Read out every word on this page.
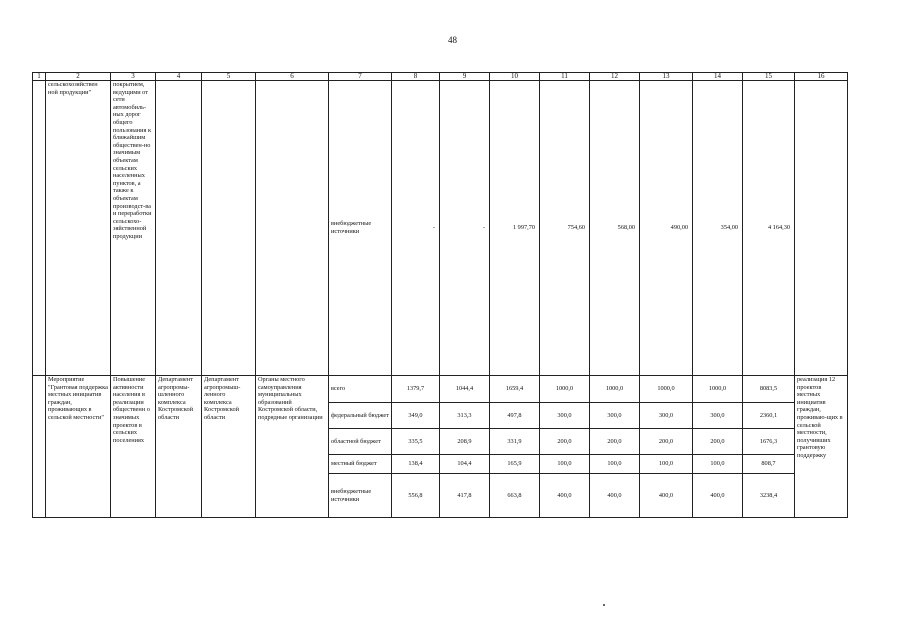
48
1	2	3	4	5	6	7	8	9	10	11	12	13	14	15	16
	сельскохозяйствен ной продукции"	покрытием, ведущими от сети автомобиль-ных дорог общего пользования к ближайшим обществен-но значимым объектам сельских населенных пунктов, а также к объектам производст-ва и переработки сельскохо-зяйственной продукции				внебюджетные источники	-	-	1 997,70	754,60	568,00	490,00	354,00	4 164,30	
	Мероприятие "Грантовая поддержка местных инициатив граждан, проживающих в сельской местности"	Повышение активности населения в реализации общественн о значимых проектов в сельских поселениях	Департамент агропромы-шленного комплекса Костромской области	Департамент агропромыш-ленного комплекса Костромской области	Органы местного самоуправления муниципальных образований Костромской области, подрядные организации	всего	1379,7	1044,4	1659,4	1000,0	1000,0	1000,0	1000,0	8083,5	реализация 12 проектов местных инициатив граждан, проживаю-щих в сельской местности, получивших грантовую поддержку
						федеральный бюджет	349,0	313,3	497,8	300,0	300,0	300,0	300,0	2360,1	
						областной бюджет	335,5	208,9	331,9	200,0	200,0	200,0	200,0	1676,3	
						местный бюджет	138,4	104,4	165,9	100,0	100,0	100,0	100,0	808,7	
						внебюджетные источники	556,8	417,8	663,8	400,0	400,0	400,0	400,0	3238,4	
